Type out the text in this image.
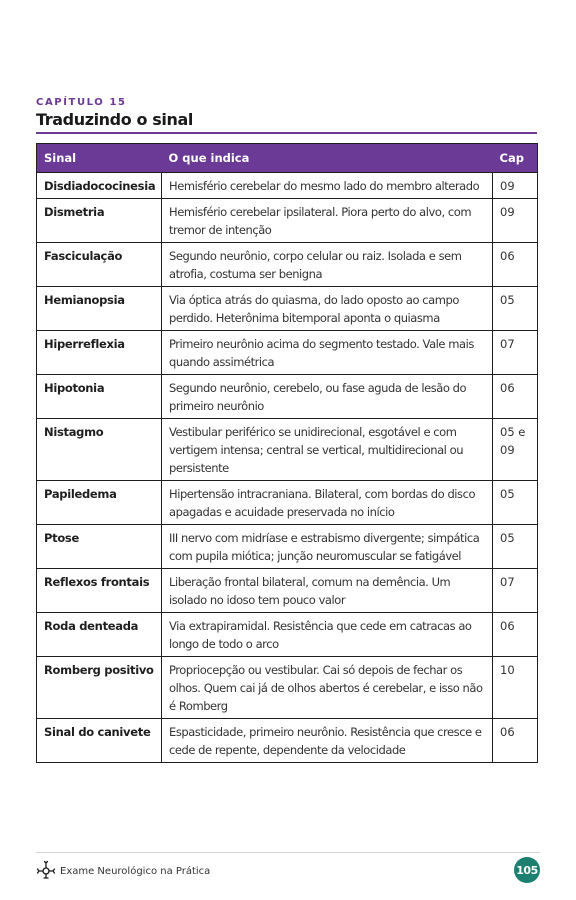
CAPÍTULO 15
Traduzindo o sinal
Sinal	O que indica	Cap
Disdiadococinesia	Hemisfério cerebelar do mesmo lado do membro alterado	09
Dismetria	Hemisfério cerebelar ipsilateral. Piora perto do alvo, com tremor de intenção	09
Fasciculação	Segundo neurônio, corpo celular ou raiz. Isolada e sem atrofia, costuma ser benigna	06
Hemianopsia	Via óptica atrás do quiasma, do lado oposto ao campo perdido. Heterônima bitemporal aponta o quiasma	05
Hiperreflexia	Primeiro neurônio acima do segmento testado. Vale mais quando assimétrica	07
Hipotonia	Segundo neurônio, cerebelo, ou fase aguda de lesão do primeiro neurônio	06
Nistagmo	Vestibular periférico se unidirecional, esgotável e com vertigem intensa; central se vertical, multidirecional ou persistente	05 e 09
Papiledema	Hipertensão intracraniana. Bilateral, com bordas do disco apagadas e acuidade preservada no início	05
Ptose	III nervo com midríase e estrabismo divergente; simpática com pupila miótica; junção neuromuscular se fatigável	05
Reflexos frontais	Liberação frontal bilateral, comum na demência. Um isolado no idoso tem pouco valor	07
Roda denteada	Via extrapiramidal. Resistência que cede em catracas ao longo de todo o arco	06
Romberg positivo	Propriocepção ou vestibular. Cai só depois de fechar os olhos. Quem cai já de olhos abertos é cerebelar, e isso não é Romberg	10
Sinal do canivete	Espasticidade, primeiro neurônio. Resistência que cresce e cede de repente, dependente da velocidade	06
Exame Neurológico na Prática	105
